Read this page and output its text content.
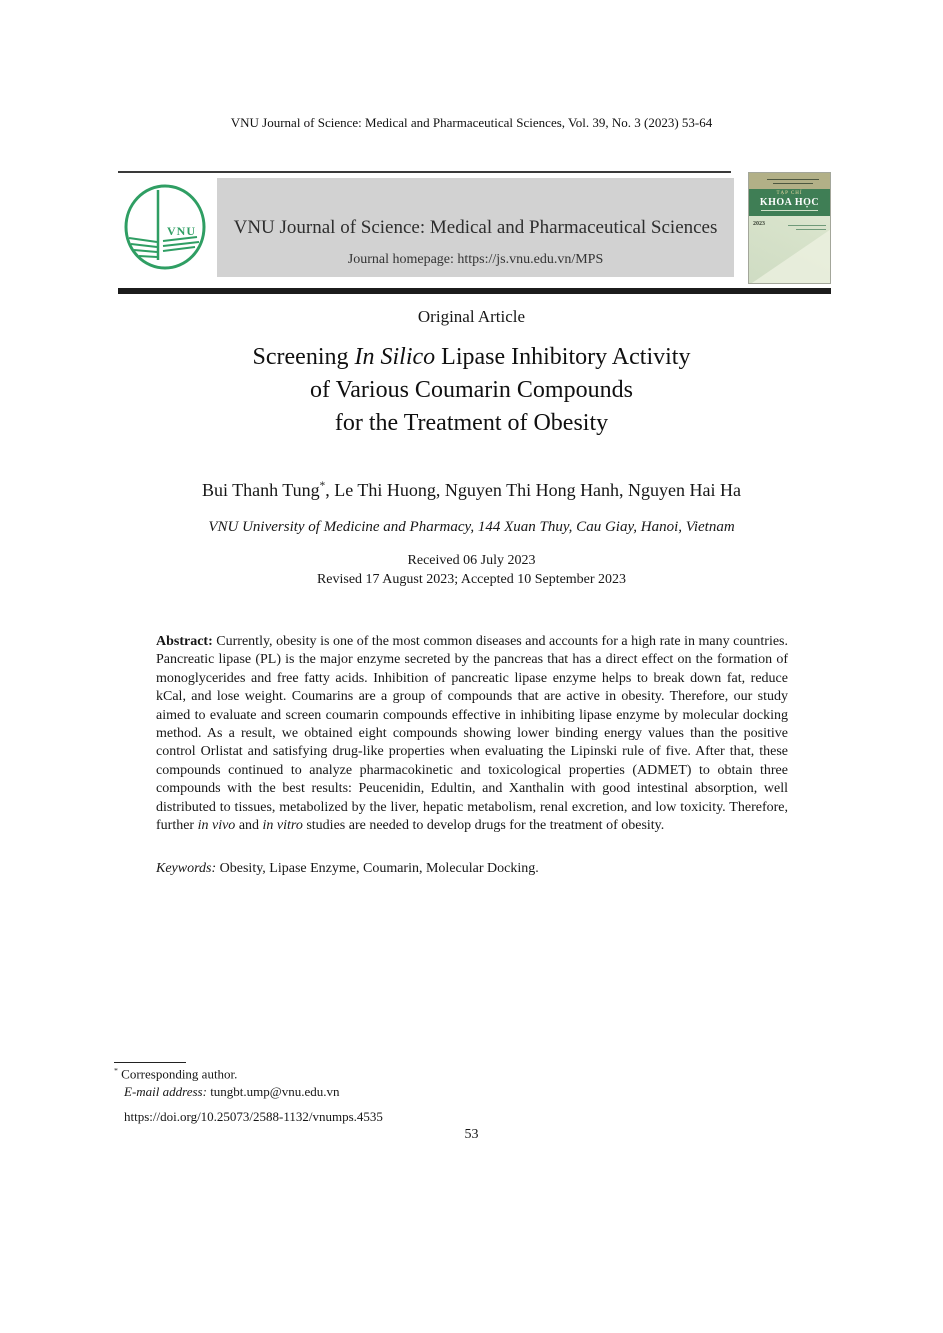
VNU Journal of Science: Medical and Pharmaceutical Sciences, Vol. 39, No. 3 (2023) 53-64
VNU VNU Journal of Science: Medical and Pharmaceutical Sciences
Journal homepage: https://js.vnu.edu.vn/MPS
TẠP CHÍ
KHOA HỌC
2023
Original Article
Screening In Silico Lipase Inhibitory Activity
of Various Coumarin Compounds
for the Treatment of Obesity
Bui Thanh Tung*, Le Thi Huong, Nguyen Thi Hong Hanh, Nguyen Hai Ha
VNU University of Medicine and Pharmacy, 144 Xuan Thuy, Cau Giay, Hanoi, Vietnam
Received 06 July 2023
Revised 17 August 2023; Accepted 10 September 2023
Abstract: Currently, obesity is one of the most common diseases and accounts for a high rate in many countries. Pancreatic lipase (PL) is the major enzyme secreted by the pancreas that has a direct effect on the formation of monoglycerides and free fatty acids. Inhibition of pancreatic lipase enzyme helps to break down fat, reduce kCal, and lose weight. Coumarins are a group of compounds that are active in obesity. Therefore, our study aimed to evaluate and screen coumarin compounds effective in inhibiting lipase enzyme by molecular docking method. As a result, we obtained eight compounds showing lower binding energy values than the positive control Orlistat and satisfying drug-like properties when evaluating the Lipinski rule of five. After that, these compounds continued to analyze pharmacokinetic and toxicological properties (ADMET) to obtain three compounds with the best results: Peucenidin, Edultin, and Xanthalin with good intestinal absorption, well distributed to tissues, metabolized by the liver, hepatic metabolism, renal excretion, and low toxicity. Therefore, further in vivo and in vitro studies are needed to develop drugs for the treatment of obesity.
Keywords: Obesity, Lipase Enzyme, Coumarin, Molecular Docking.
* Corresponding author.
E-mail address: tungbt.ump@vnu.edu.vn
https://doi.org/10.25073/2588-1132/vnumps.4535
53
